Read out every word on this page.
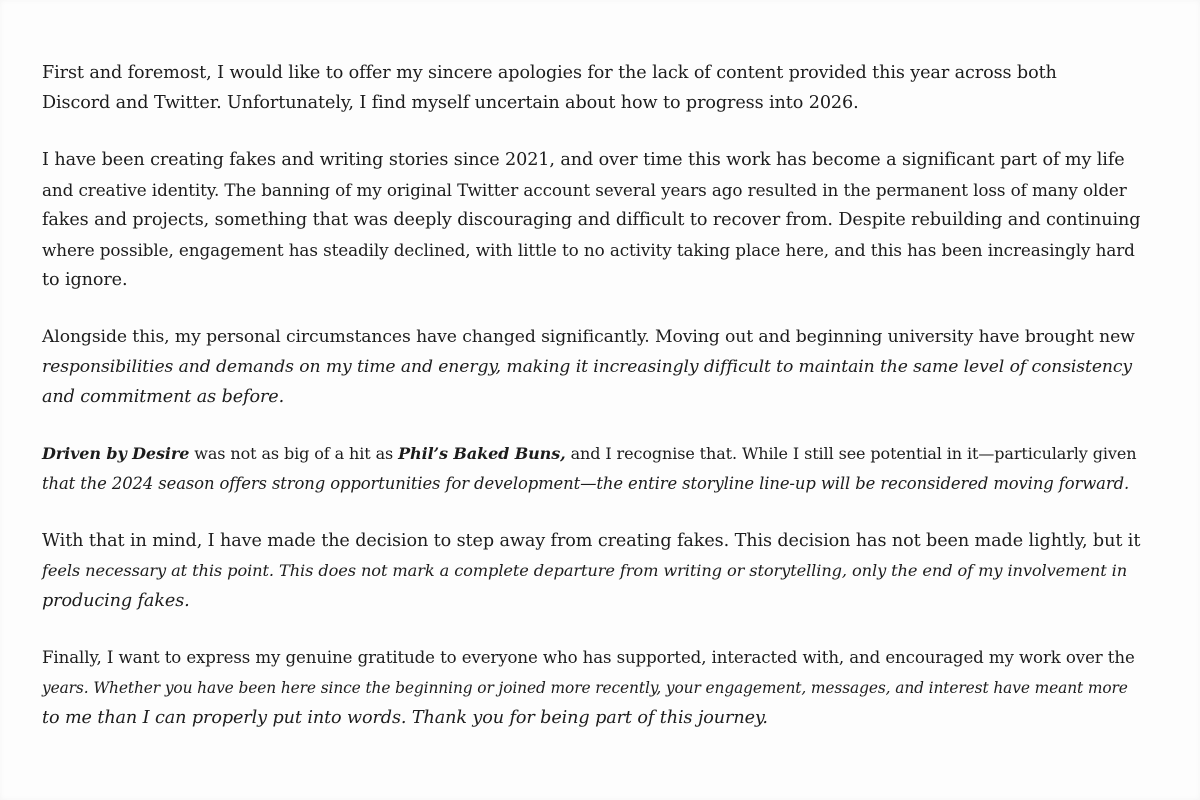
First and foremost, I would like to offer my sincere apologies for the lack of content provided this year across both
Discord and Twitter. Unfortunately, I find myself uncertain about how to progress into 2026.

I have been creating fakes and writing stories since 2021, and over time this work has become a significant part of my life
and creative identity. The banning of my original Twitter account several years ago resulted in the permanent loss of many older
fakes and projects, something that was deeply discouraging and difficult to recover from. Despite rebuilding and continuing
where possible, engagement has steadily declined, with little to no activity taking place here, and this has been increasingly hard
to ignore.

Alongside this, my personal circumstances have changed significantly. Moving out and beginning university have brought new
responsibilities and demands on my time and energy, making it increasingly difficult to maintain the same level of consistency
and commitment as before.

Driven by Desire was not as big of a hit as Phil’s Baked Buns, and I recognise that. While I still see potential in it—particularly given
that the 2024 season offers strong opportunities for development—the entire storyline line-up will be reconsidered moving forward.

With that in mind, I have made the decision to step away from creating fakes. This decision has not been made lightly, but it
feels necessary at this point. This does not mark a complete departure from writing or storytelling, only the end of my involvement in
producing fakes.

Finally, I want to express my genuine gratitude to everyone who has supported, interacted with, and encouraged my work over the
years. Whether you have been here since the beginning or joined more recently, your engagement, messages, and interest have meant more
to me than I can properly put into words. Thank you for being part of this journey.
